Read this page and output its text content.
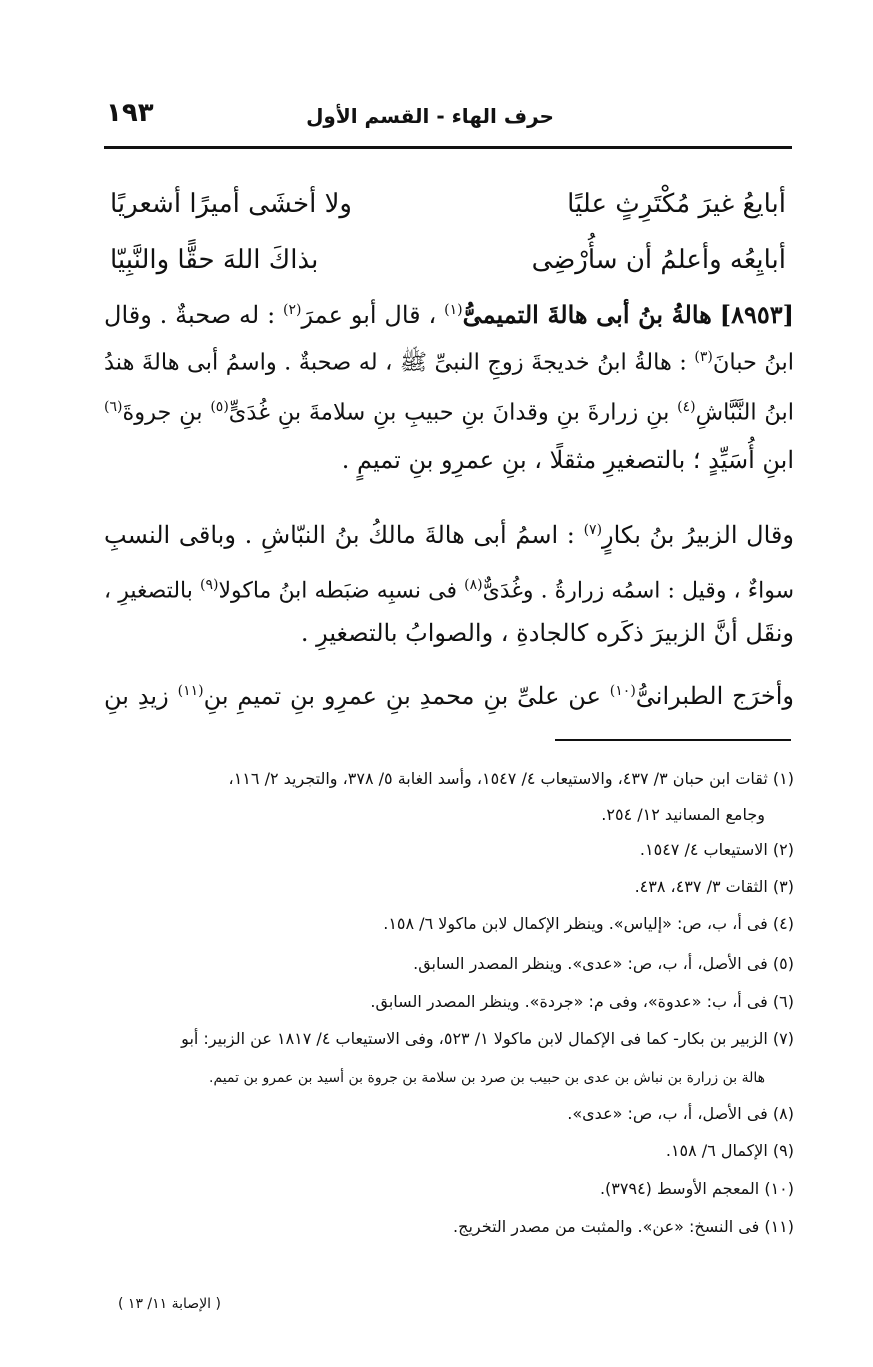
١٩٣	حرف الهاء - القسم الأول
أبايعُ غيرَ مُكْتَرِثٍ عليًا
ولا أخشَى أميرًا أشعريًا
أبايِعُه وأعلمُ أن سأُرْضِى
بذاكَ اللهَ حقًّا والنَّبِيّا
[٨٩٥٣] هالةُ بنُ أبى هالةَ التميمىُّ$^{(١)}$ ، قال أبو عمرَ$^{(٢)}$ : له صحبةٌ . وقال
ابنُ حبانَ$^{(٣)}$ : هالةُ ابنُ خديجةَ زوجِ النبىِّ ﷺ ، له صحبةٌ . واسمُ أبى هالةَ هندُ
ابنُ النَّبَّاشِ$^{(٤)}$ بنِ زرارةَ بنِ وقدانَ بنِ حبيبِ بنِ سلامةَ بنِ غُدَىٍّ$^{(٥)}$ بنِ جروةَ$^{(٦)}$
ابنِ أُسَيِّدٍ ؛ بالتصغيرِ مثقلًا ، بنِ عمرِو بنِ تميمٍ .
وقال الزبيرُ بنُ بكارٍ$^{(٧)}$ : اسمُ أبى هالةَ مالكُ بنُ النبّاشِ . وباقى النسبِ
سواءٌ ، وقيل : اسمُه زرارةُ . وغُدَىٌّ$^{(٨)}$ فى نسبِه ضبَطه ابنُ ماكولا$^{(٩)}$ بالتصغيرِ ،
ونقَل أنَّ الزبيرَ ذكَره كالجادةِ ، والصوابُ بالتصغيرِ .
وأخرَج الطبرانىُّ$^{(١٠)}$ عن علىِّ بنِ محمدِ بنِ عمرِو بنِ تميمِ بنِ$^{(١١)}$ زيدِ بنِ
(١) ثقات ابن حبان ٣/ ٤٣٧، والاستيعاب ٤/ ١٥٤٧، وأسد الغابة ٥/ ٣٧٨، والتجريد ٢/ ١١٦،
وجامع المسانيد ١٢/ ٢٥٤.
(٢) الاستيعاب ٤/ ١٥٤٧.
(٣) الثقات ٣/ ٤٣٧، ٤٣٨.
(٤) فى أ، ب، ص: «إلياس». وينظر الإكمال لابن ماكولا ٦/ ١٥٨.
(٥) فى الأصل، أ، ب، ص: «عدى». وينظر المصدر السابق.
(٦) فى أ، ب: «عدوة»، وفى م: «جردة». وينظر المصدر السابق.
(٧) الزبير بن بكار- كما فى الإكمال لابن ماكولا ١/ ٥٢٣، وفى الاستيعاب ٤/ ١٨١٧ عن الزبير: أبو
هالة بن زرارة بن نباش بن عدى بن حبيب بن صرد بن سلامة بن جروة بن أسيد بن عمرو بن تميم.
(٨) فى الأصل، أ، ب، ص: «عدى».
(٩) الإكمال ٦/ ١٥٨.
(١٠) المعجم الأوسط (٣٧٩٤).
(١١) فى النسخ: «عن». والمثبت من مصدر التخريج.
( الإصابة ١١/ ١٣ )
